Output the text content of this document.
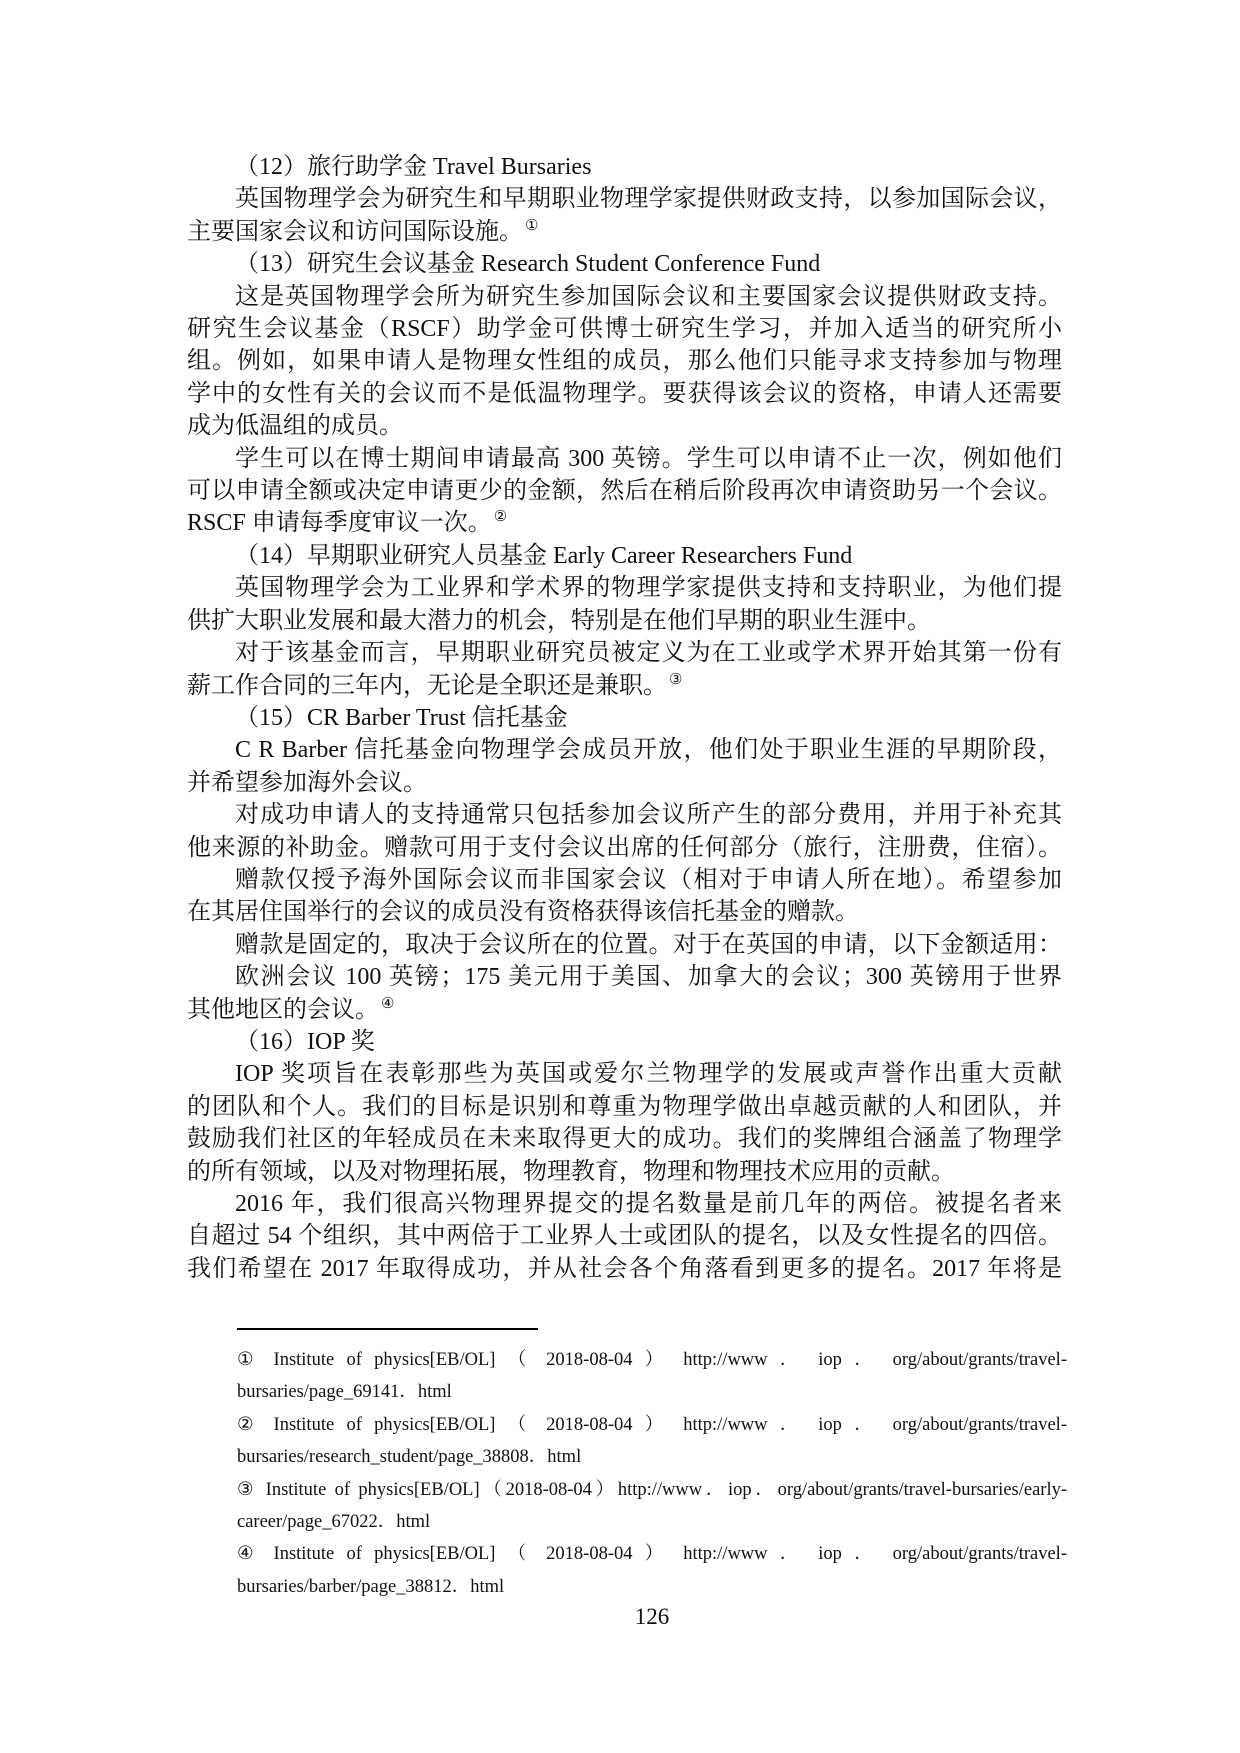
（12）旅行助学金 Travel Bursaries
英国物理学会为研究生和早期职业物理学家提供财政支持，以参加国际会议，
主要国家会议和访问国际设施。 ①
（13）研究生会议基金 Research Student Conference Fund
这是英国物理学会所为研究生参加国际会议和主要国家会议提供财政支持。
研究生会议基金（RSCF）助学金可供博士研究生学习，并加入适当的研究所小
组。例如，如果申请人是物理女性组的成员，那么他们只能寻求支持参加与物理
学中的女性有关的会议而不是低温物理学。要获得该会议的资格，申请人还需要
成为低温组的成员。
学生可以在博士期间申请最高 300 英镑。学生可以申请不止一次，例如他们
可以申请全额或决定申请更少的金额，然后在稍后阶段再次申请资助另一个会议。
RSCF 申请每季度审议一次。 ②
（14）早期职业研究人员基金 Early Career Researchers Fund
英国物理学会为工业界和学术界的物理学家提供支持和支持职业，为他们提
供扩大职业发展和最大潜力的机会，特别是在他们早期的职业生涯中。
对于该基金而言，早期职业研究员被定义为在工业或学术界开始其第一份有
薪工作合同的三年内，无论是全职还是兼职。 ③
（15）CR Barber Trust 信托基金
C R Barber 信托基金向物理学会成员开放，他们处于职业生涯的早期阶段，
并希望参加海外会议。
对成功申请人的支持通常只包括参加会议所产生的部分费用，并用于补充其
他来源的补助金。赠款可用于支付会议出席的任何部分（旅行，注册费，住宿）。
赠款仅授予海外国际会议而非国家会议（相对于申请人所在地）。希望参加
在其居住国举行的会议的成员没有资格获得该信托基金的赠款。
赠款是固定的，取决于会议所在的位置。对于在英国的申请，以下金额适用：
欧洲会议 100 英镑；175 美元用于美国、加拿大的会议；300 英镑用于世界
其他地区的会议。 ④
（16）IOP 奖
IOP 奖项旨在表彰那些为英国或爱尔兰物理学的发展或声誉作出重大贡献
的团队和个人。我们的目标是识别和尊重为物理学做出卓越贡献的人和团队，并
鼓励我们社区的年轻成员在未来取得更大的成功。我们的奖牌组合涵盖了物理学
的所有领域，以及对物理拓展，物理教育，物理和物理技术应用的贡献。
2016 年，我们很高兴物理界提交的提名数量是前几年的两倍。被提名者来
自超过 54 个组织，其中两倍于工业界人士或团队的提名，以及女性提名的四倍。
我们希望在 2017 年取得成功，并从社会各个角落看到更多的提名。2017 年将是
① Institute of physics[EB/OL] （ 2018-08-04 ） http://www ． iop ． org/about/grants/travel-
bursaries/page_69141．html
② Institute of physics[EB/OL] （ 2018-08-04 ） http://www ． iop ． org/about/grants/travel-
bursaries/research_student/page_38808．html
③ Institute of physics[EB/OL]（2018-08-04）http://www．iop．org/about/grants/travel-bursaries/early-
career/page_67022．html
④ Institute of physics[EB/OL] （ 2018-08-04 ） http://www ． iop ． org/about/grants/travel-
bursaries/barber/page_38812．html
126
